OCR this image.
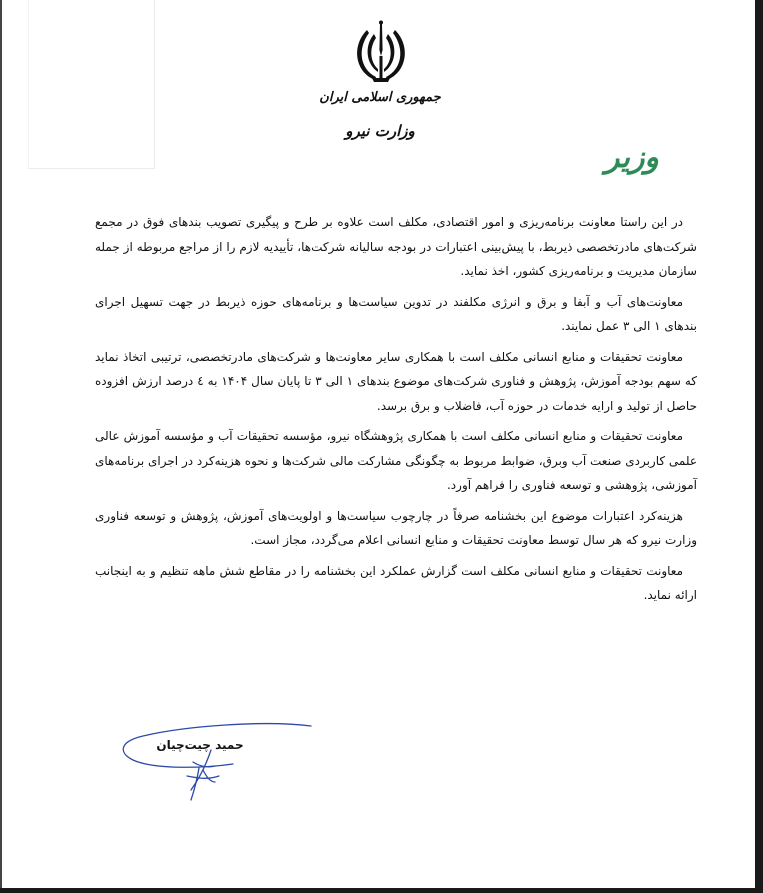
جمهوری اسلامی ایران
وزارت نیرو
وزیر

در این راستا معاونت برنامه‌ریزی و امور اقتصادی، مکلف است علاوه بر طرح و پیگیری تصویب بندهای فوق در مجمع شرکت‌های مادرتخصصی ذیربط، با پیش‌بینی اعتبارات در بودجه سالیانه شرکت‌ها، تأییدیه لازم را از مراجع مربوطه از جمله سازمان مدیریت و برنامه‌ریزی کشور، اخذ نماید.

معاونت‌های آب و آبفا و برق و انرژی مکلفند در تدوین سیاست‌ها و برنامه‌های حوزه ذیربط در جهت تسهیل اجرای بندهای ۱ الی ۳ عمل نمایند.

معاونت تحقیقات و منابع انسانی مکلف است با همکاری سایر معاونت‌ها و شرکت‌های مادرتخصصی، ترتیبی اتخاذ نماید که سهم بودجه آموزش، پژوهش و فناوری شرکت‌های موضوع بندهای ۱ الی ۳ تا پایان سال ۱۴۰۴ به ٤ درصد ارزش افزوده حاصل از تولید و ارایه خدمات در حوزه آب، فاضلاب و برق برسد.

معاونت تحقیقات و منابع انسانی مکلف است با همکاری پژوهشگاه نیرو، مؤسسه تحقیقات آب و مؤسسه آموزش عالی علمی کاربردی صنعت آب وبرق، ضوابط مربوط به چگونگی مشارکت مالی شرکت‌ها و نحوه هزینه‌کرد در اجرای برنامه‌های آموزشی، پژوهشی و توسعه فناوری را فراهم آورد.

هزینه‌کرد اعتبارات موضوع این بخشنامه صرفاً در چارچوب سیاست‌ها و اولویت‌های آموزش، پژوهش و توسعه فناوری وزارت نیرو که هر سال توسط معاونت تحقیقات و منابع انسانی اعلام می‌گردد، مجاز است.

معاونت تحقیقات و منابع انسانی مکلف است گزارش عملکرد این بخشنامه را در مقاطع شش ماهه تنظیم و به اینجانب ارائه نماید.

حمید چیت‌چیان
